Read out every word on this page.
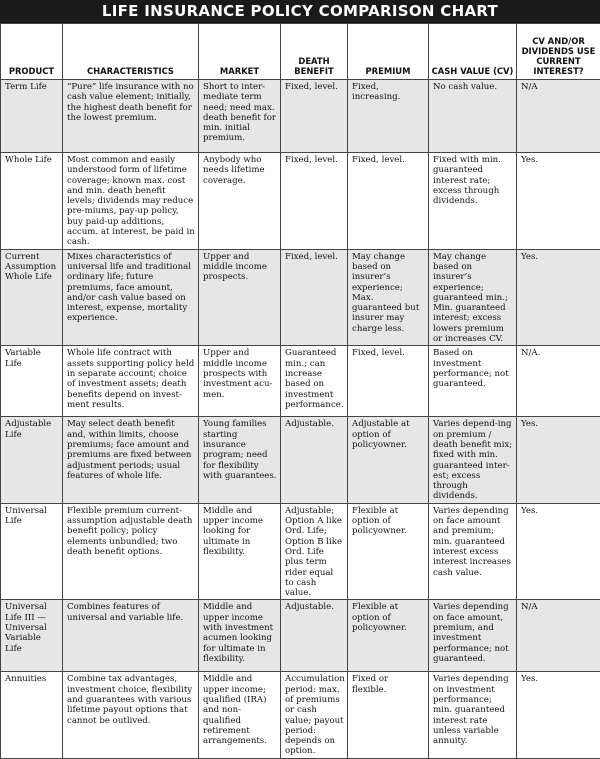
LIFE INSURANCE POLICY COMPARISON CHART
PRODUCT	CHARACTERISTICS	MARKET	DEATH BENEFIT	PREMIUM	CASH VALUE (CV)	CV AND/OR DIVIDENDS USE CURRENT INTEREST?
Term Life	“Pure” life insurance with no cash value element; initially, the highest death benefit for the lowest premium.	Short to inter-mediate term need; need max. death benefit for min. initial premium.	Fixed, level.	Fixed, increasing.	No cash value.	N/A
Whole Life	Most common and easily understood form of lifetime coverage; known max. cost and min. death benefit levels; dividends may reduce pre-miums, pay-up policy, buy paid-up additions, accum. at interest, be paid in cash.	Anybody who needs lifetime coverage.	Fixed, level.	Fixed, level.	Fixed with min. guaranteed interest rate; excess through dividends.	Yes.
Current Assumption Whole Life	Mixes characteristics of universal life and traditional ordinary life; future premiums, face amount, and/or cash value based on interest, expense, mortality experience.	Upper and middle income prospects.	Fixed, level.	May change based on insurer’s experience; Max. guaranteed but insurer may charge less.	May change based on insurer’s experience; guaranteed min.; Min. guaranteed interest; excess lowers premium or increases CV.	Yes.
Variable Life	Whole life contract with assets supporting policy held in separate account; choice of investment assets; death benefits depend on invest-ment results.	Upper and middle income prospects with investment acu-men.	Guaranteed min.; can increase based on investment performance.	Fixed, level.	Based on investment performance; not guaranteed.	N/A.
Adjustable Life	May select death benefit and, within limits, choose premiums; face amount and premiums are fixed between adjustment periods; usual features of whole life.	Young families starting insurance program; need for flexibility with guarantees.	Adjustable.	Adjustable at option of policyowner.	Varies depend-ing on premium / death benefit mix; fixed with min. guaranteed inter-est; excess through dividends.	Yes.
Universal Life	Flexible premium current-assumption adjustable death benefit policy; policy elements unbundled; two death benefit options.	Middle and upper income looking for ultimate in flexibility.	Adjustable; Option A like Ord. Life; Option B like Ord. Life plus term rider equal to cash value.	Flexible at option of policyowner.	Varies depending on face amount and premium; min. guaranteed interest excess interest increases cash value.	Yes.
Universal Life III — Universal Variable Life	Combines features of universal and variable life.	Middle and upper income with investment acumen looking for ultimate in flexibility.	Adjustable.	Flexible at option of policyowner.	Varies depending on face amount, premium, and investment performance; not guaranteed.	N/A
Annuities	Combine tax advantages, investment choice, flexibility and guarantees with various lifetime payout options that cannot be outlived.	Middle and upper income; qualified (IRA) and non-qualified retirement arrangements.	Accumulation period: max. of premiums or cash value; payout period: depends on option.	Fixed or flexible.	Varies depending on investment performance; min. guaranteed interest rate unless variable annuity.	Yes.
